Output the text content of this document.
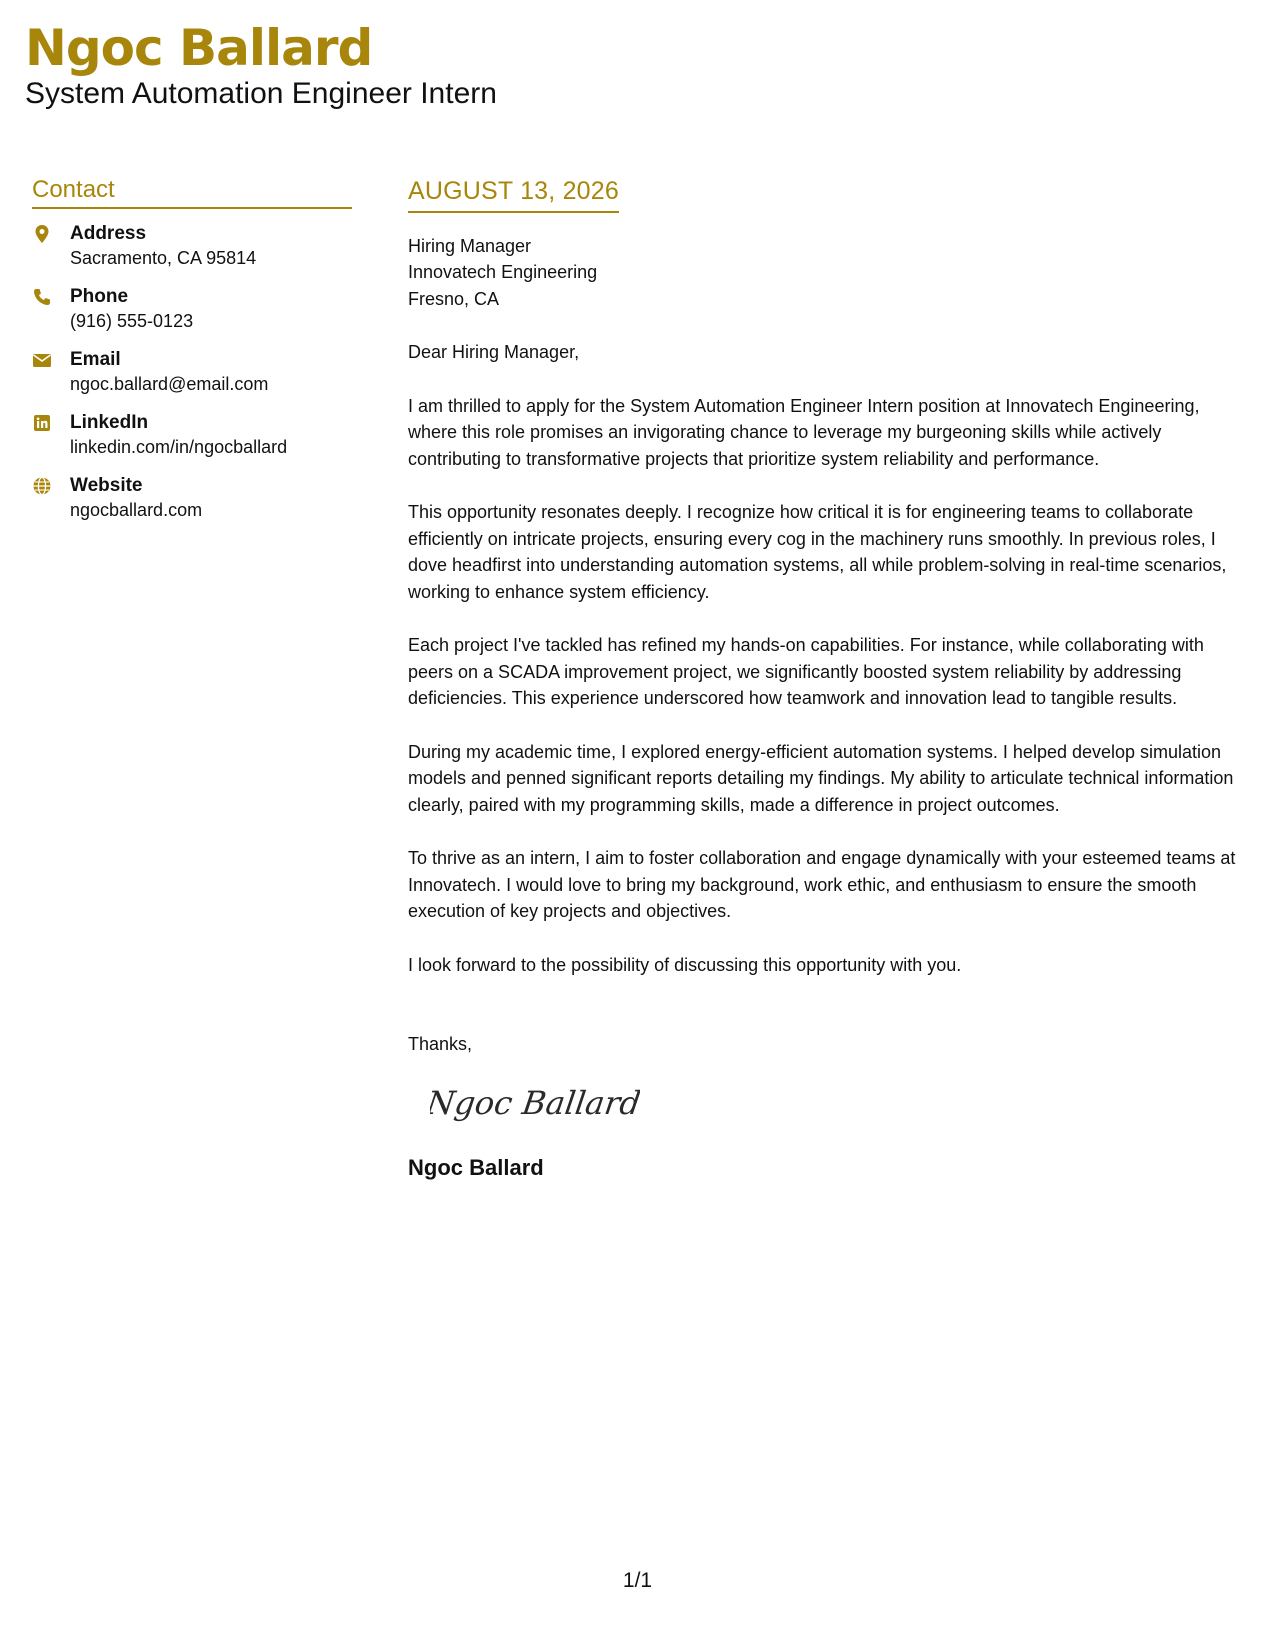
Ngoc Ballard
System Automation Engineer Intern
Contact
Address
Sacramento, CA 95814
Phone
(916) 555-0123
Email
ngoc.ballard@email.com
LinkedIn
linkedin.com/in/ngocballard
Website
ngocballard.com
AUGUST 13, 2026
Hiring Manager
Innovatech Engineering
Fresno, CA

Dear Hiring Manager,

I am thrilled to apply for the System Automation Engineer Intern position at Innovatech Engineering, where this role promises an invigorating chance to leverage my burgeoning skills while actively contributing to transformative projects that prioritize system reliability and performance.

This opportunity resonates deeply. I recognize how critical it is for engineering teams to collaborate efficiently on intricate projects, ensuring every cog in the machinery runs smoothly. In previous roles, I dove headfirst into understanding automation systems, all while problem-solving in real-time scenarios, working to enhance system efficiency.

Each project I've tackled has refined my hands-on capabilities. For instance, while collaborating with peers on a SCADA improvement project, we significantly boosted system reliability by addressing deficiencies. This experience underscored how teamwork and innovation lead to tangible results.

During my academic time, I explored energy-efficient automation systems. I helped develop simulation models and penned significant reports detailing my findings. My ability to articulate technical information clearly, paired with my programming skills, made a difference in project outcomes.

To thrive as an intern, I aim to foster collaboration and engage dynamically with your esteemed teams at Innovatech. I would love to bring my background, work ethic, and enthusiasm to ensure the smooth execution of key projects and objectives.

I look forward to the possibility of discussing this opportunity with you.

Thanks,
Ngoc Ballard
Ngoc Ballard
1/1
